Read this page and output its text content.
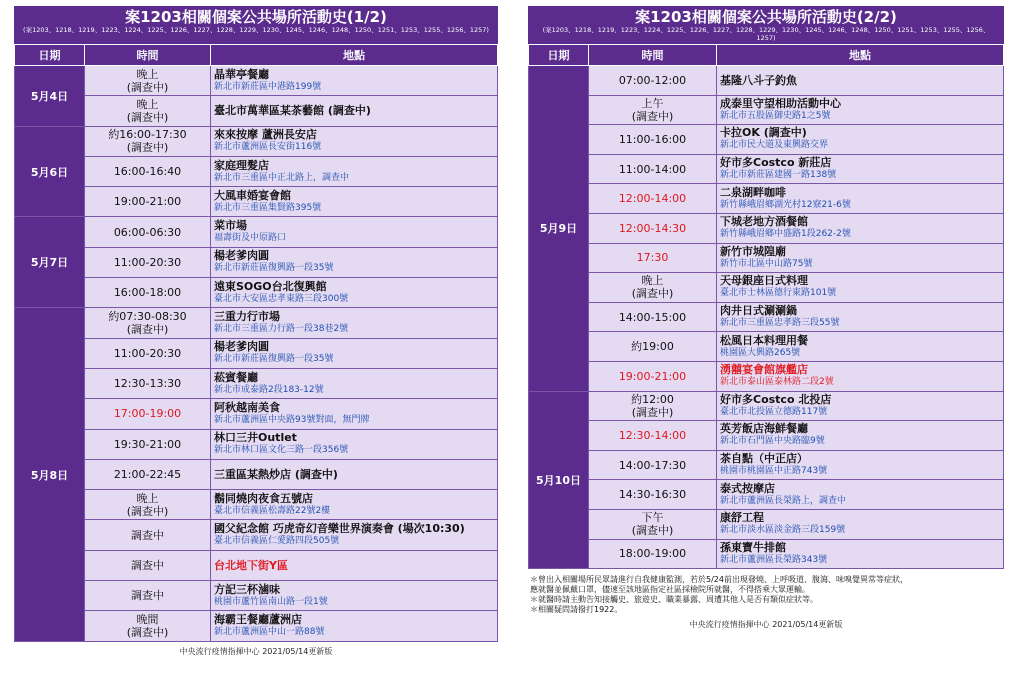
案1203相關個案公共場所活動史(1/2)
(案1203、1218、1219、1223、1224、1225、1226、1227、1228、1229、1230、1245、1246、1248、1250、1251、1253、1255、1256、1257)
日期	時間	地點
5月4日	晚上
(調查中)	晶華亭餐廳
新北市新莊區中港路199號

	晚上
(調查中)	臺北市萬華區某茶藝館 (調查中)

5月6日	約16:00-17:30
(調查中)	來來按摩 蘆洲長安店
新北市蘆洲區長安街116號

	16:00-16:40	家庭理髮店
新北市三重區中正北路上，調查中

	19:00-21:00	大風車婚宴會館
新北市三重區集賢路395號

5月7日	06:00-06:30	菜市場
福壽街及中原路口

	11:00-20:30	楊老爹肉圓
新北市新莊區復興路一段35號

	16:00-18:00	遠東SOGO台北復興館
臺北市大安區忠孝東路三段300號

5月8日	約07:30-08:30
(調查中)	三重力行市場
新北市三重區力行路一段38巷2號

	11:00-20:30	楊老爹肉圓
新北市新莊區復興路一段35號

	12:30-13:30	菘賓餐廳
新北市成泰路2段183-12號

	17:00-19:00	阿秋越南美食
新北市蘆洲區中央路93號對面，無門牌

	19:30-21:00	林口三井Outlet
新北市林口區文化三路一段356號

	21:00-22:45	三重區某熱炒店 (調查中)

	晚上
(調查中)	鬍同燒肉夜食五號店
臺北市信義區松壽路22號2樓

	調查中	國父紀念館 巧虎奇幻音樂世界演奏會 (場次10:30)
臺北市信義區仁愛路四段505號

	調查中	台北地下街Y區

	調查中	方記三杯滷味
桃園市蘆竹區南山路一段1號

	晚間
(調查中)	海霸王餐廳蘆洲店
新北市蘆洲區中山一路88號
中央流行疫情指揮中心 2021/05/14更新版
案1203相關個案公共場所活動史(2/2)
(案1203、1218、1219、1223、1224、1225、1226、1227、1228、1229、1230、1245、1246、1248、1250、1251、1253、1255、1256、1257)
日期	時間	地點
5月9日	07:00-12:00	基隆八斗子釣魚

	上午
(調查中)	成泰里守望相助活動中心
新北市五股區御史路1之5號

	11:00-16:00	卡拉OK (調查中)
新北市民大道及東興路交界

	11:00-14:00	好市多Costco 新莊店
新北市新莊區建國一路138號

	12:00-14:00	二泉湖畔咖啡
新竹縣峨眉鄉湖光村12寮21-6號

	12:00-14:30	下城老地方酒餐館
新竹縣峨眉鄉中盛路1段262-2號

	17:30	新竹市城隍廟
新竹市北區中山路75號

	晚上
(調查中)	天母銀座日式料理
臺北市士林區德行東路101號

	14:00-15:00	肉井日式涮涮鍋
新北市三重區忠孝路三段55號

	約19:00	松風日本料理用餐
桃園區大興路265號

	19:00-21:00	湧囍宴會館旗艦店
新北市泰山區泰林路二段2號

5月10日	約12:00
(調查中)	好市多Costco 北投店
臺北市北投區立德路117號

	12:30-14:00	英芳飯店海鮮餐廳
新北市石門區中央路臨9號

	14:00-17:30	茶自點（中正店）
桃園市桃園區中正路743號

	14:30-16:30	泰式按摩店
新北市蘆洲區長榮路上，調查中

	下午
(調查中)	康舒工程
新北市淡水區淡金路三段159號

	18:00-19:00	孫東寶牛排館
新北市蘆洲區長榮路343號
＊曾出入相關場所民眾請進行自我健康監測，若於5/24前出現發燒、上呼吸道、腹瀉、味嗅覺異常等症狀，
應就醫並佩戴口罩，儘速至該地區指定社區採檢院所就醫，不得搭乘大眾運輸。
＊就醫時請主動告知接觸史、旅遊史、職業暴露、周遭其他人是否有類似症狀等。
＊相關疑問請撥打1922。
中央流行疫情指揮中心 2021/05/14更新版
